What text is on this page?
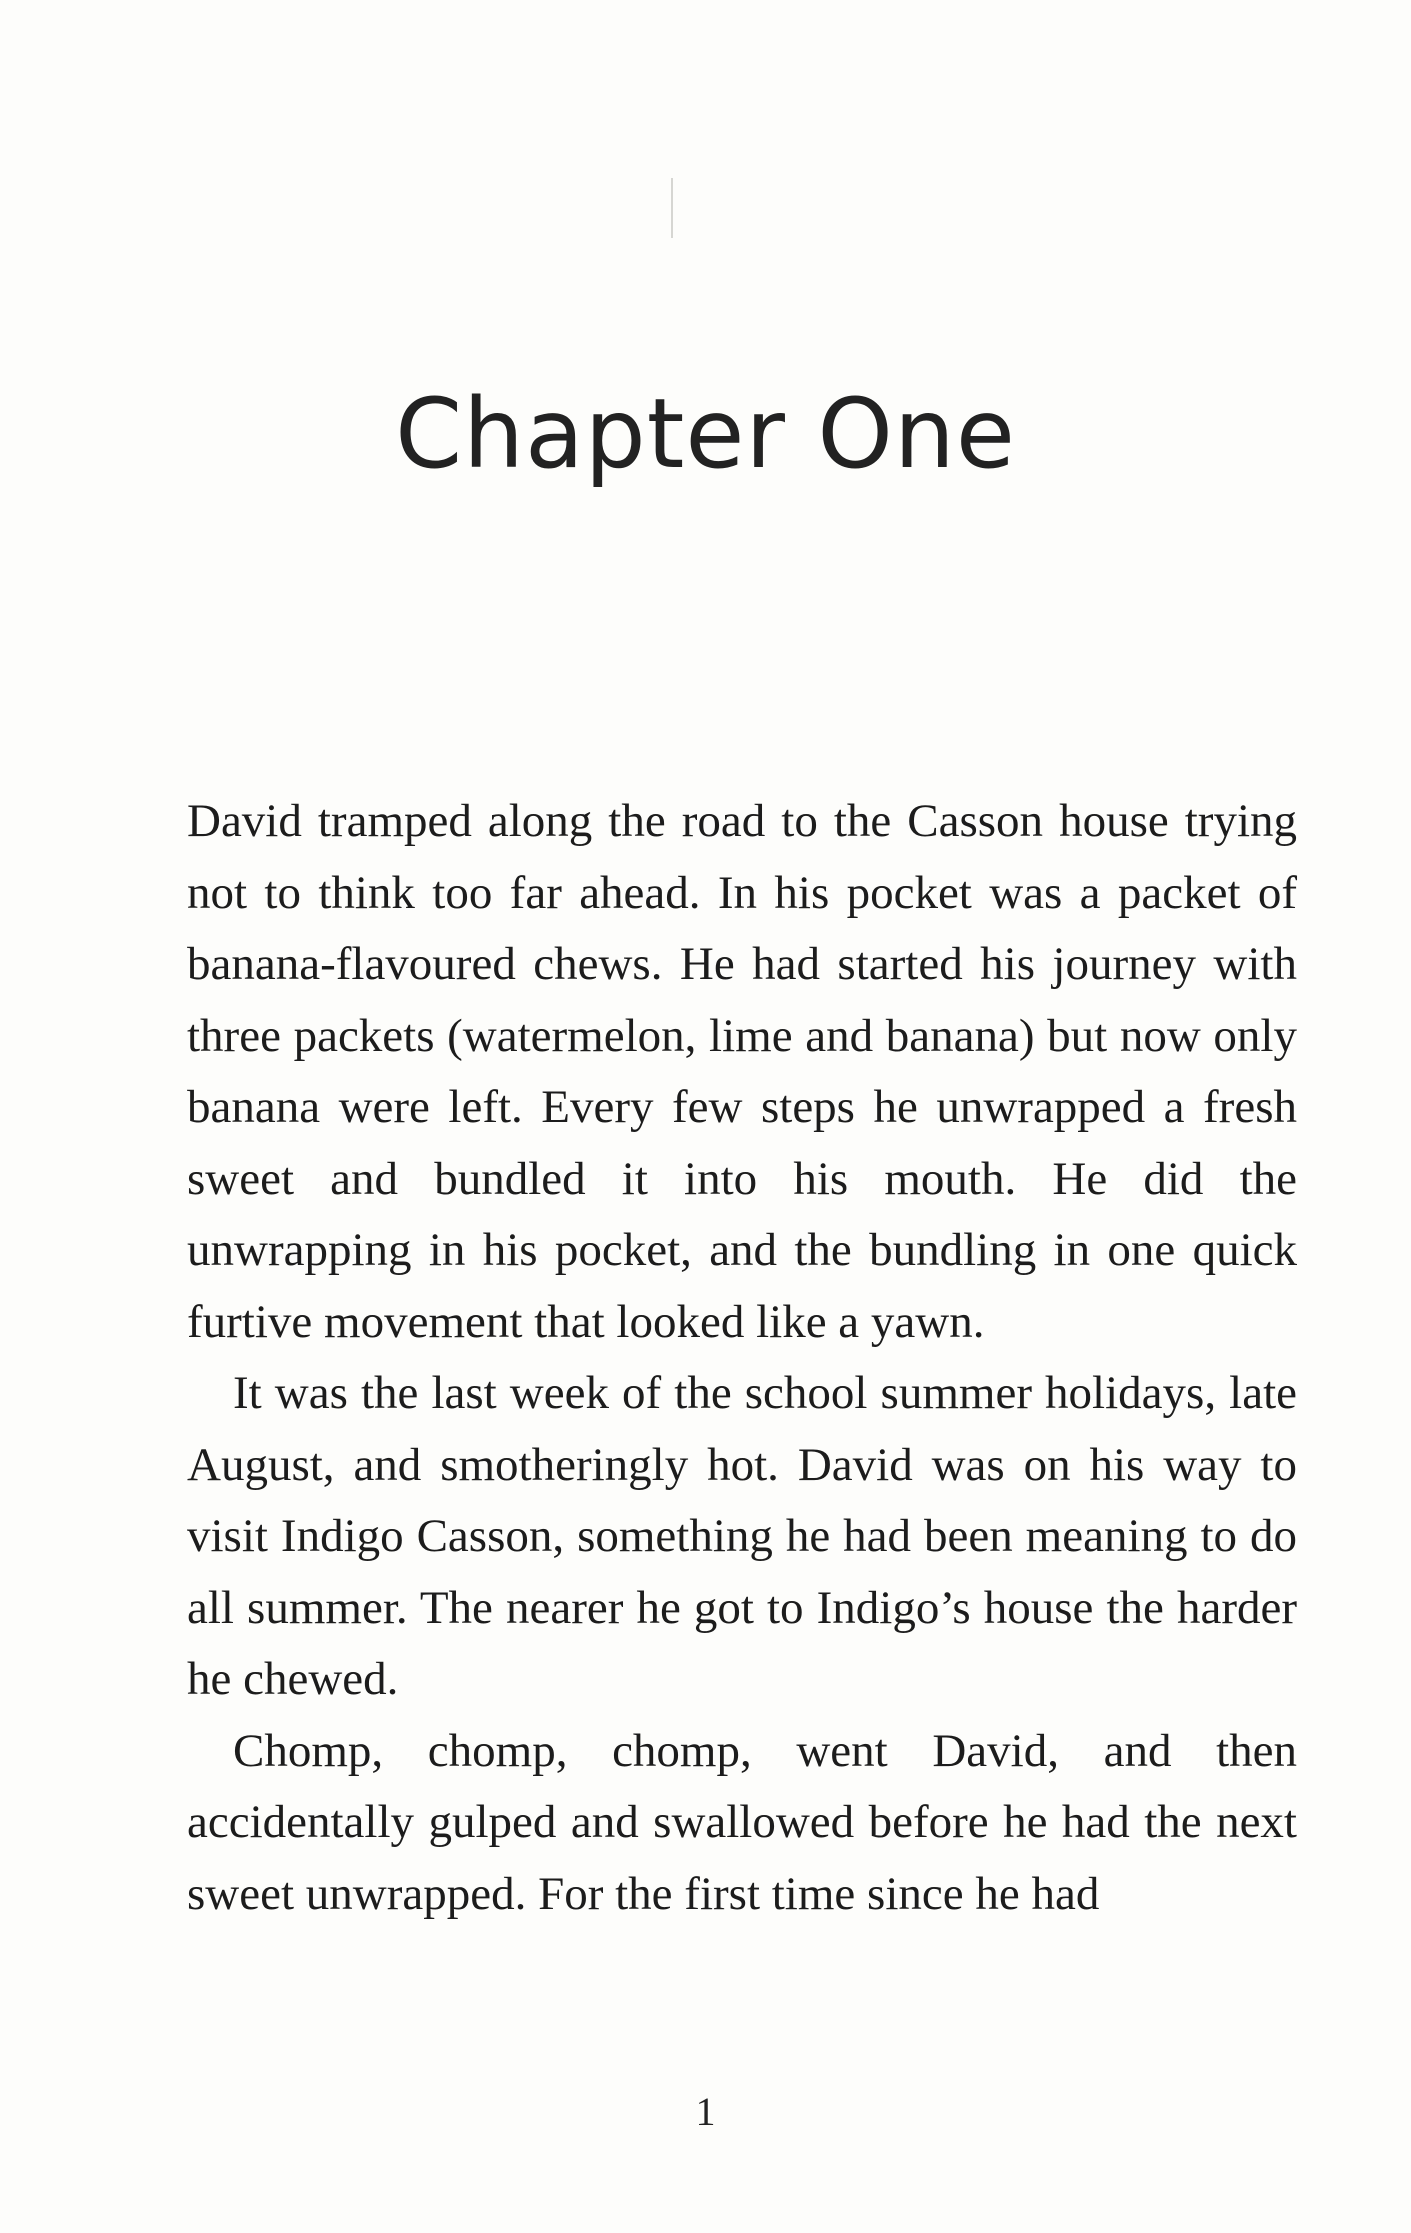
Chapter One

David tramped along the road to the Casson house trying not to think too far ahead. In his pocket was a packet of banana-flavoured chews. He had started his journey with three packets (watermelon, lime and banana) but now only banana were left. Every few steps he unwrapped a fresh sweet and bundled it into his mouth. He did the unwrapping in his pocket, and the bundling in one quick furtive movement that looked like a yawn.

It was the last week of the school summer holidays, late August, and smotheringly hot. David was on his way to visit Indigo Casson, something he had been meaning to do all summer. The nearer he got to Indigo’s house the harder he chewed.

Chomp, chomp, chomp, went David, and then accidentally gulped and swallowed before he had the next sweet unwrapped. For the first time since he had

1
